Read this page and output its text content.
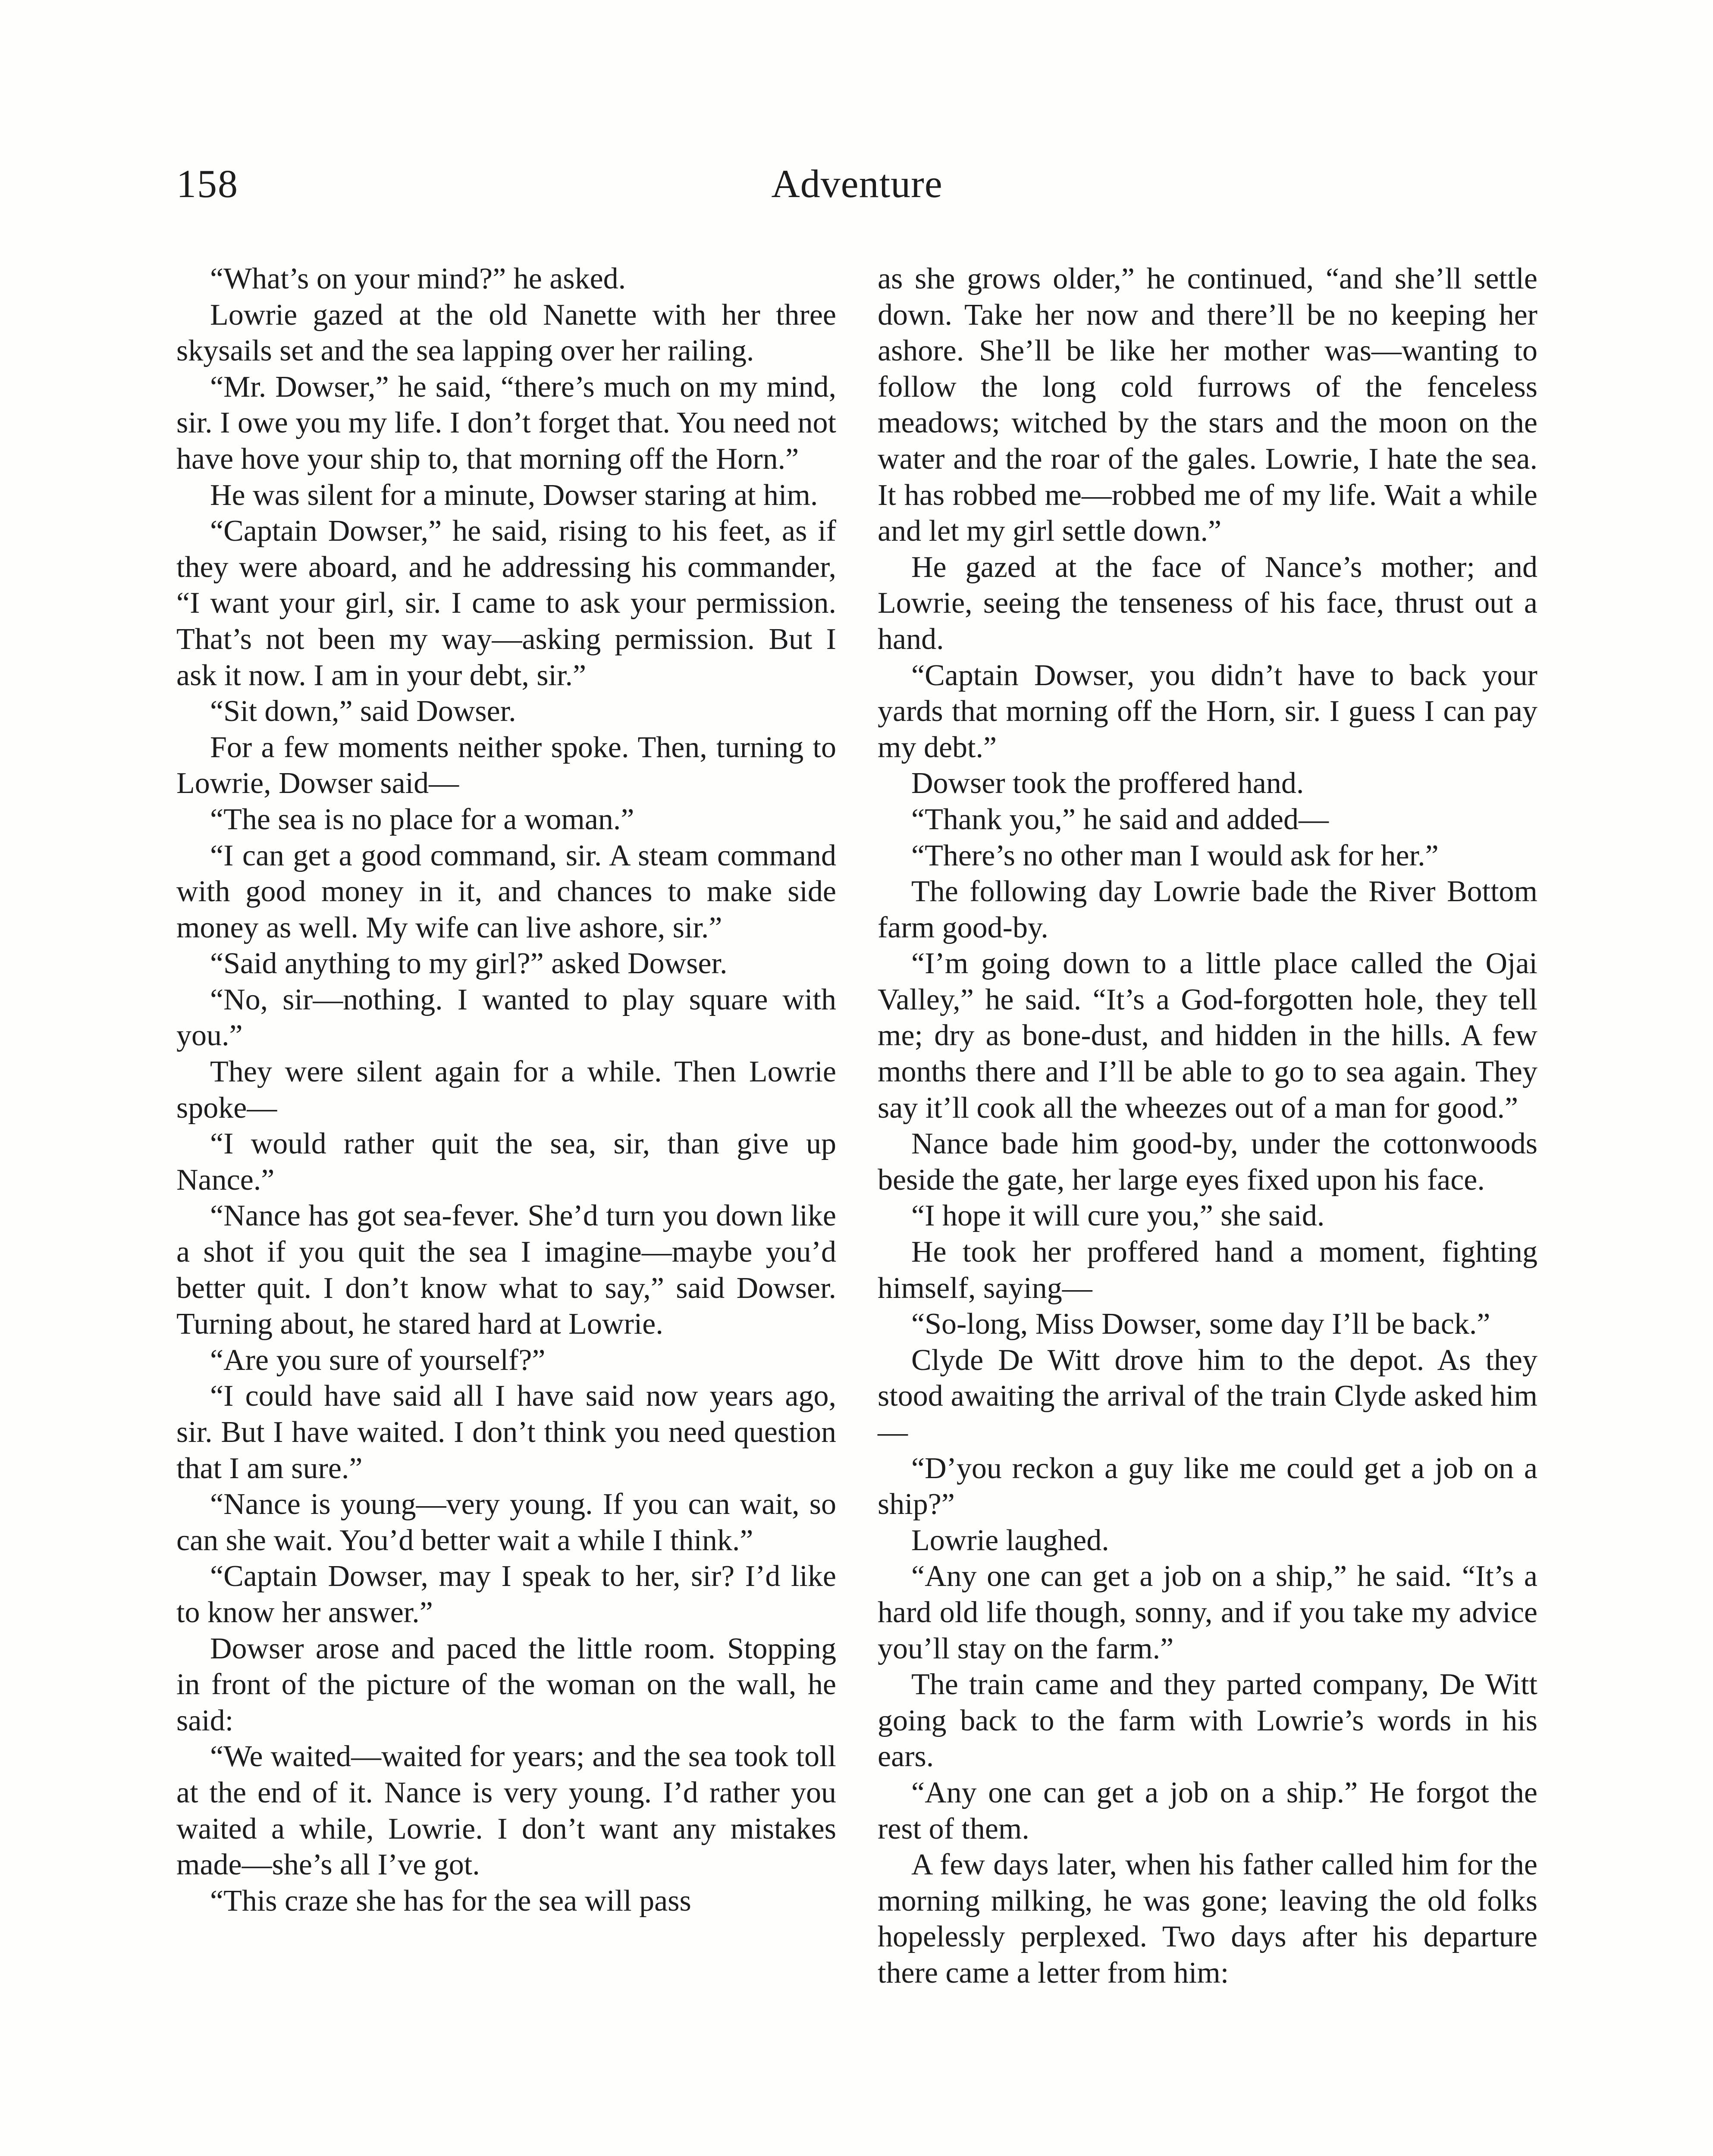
158	Adventure

“What’s on your mind?” he asked.

Lowrie gazed at the old Nanette with her three skysails set and the sea lapping over her railing.

“Mr. Dowser,” he said, “there’s much on my mind, sir. I owe you my life. I don’t forget that. You need not have hove your ship to, that morning off the Horn.”

He was silent for a minute, Dowser staring at him.

“Captain Dowser,” he said, rising to his feet, as if they were aboard, and he addressing his commander, “I want your girl, sir. I came to ask your permission. That’s not been my way—asking permission. But I ask it now. I am in your debt, sir.”

“Sit down,” said Dowser.

For a few moments neither spoke. Then, turning to Lowrie, Dowser said—

“The sea is no place for a woman.”

“I can get a good command, sir. A steam command with good money in it, and chances to make side money as well. My wife can live ashore, sir.”

“Said anything to my girl?” asked Dowser.

“No, sir—nothing. I wanted to play square with you.”

They were silent again for a while. Then Lowrie spoke—

“I would rather quit the sea, sir, than give up Nance.”

“Nance has got sea-fever. She’d turn you down like a shot if you quit the sea I imagine—maybe you’d better quit. I don’t know what to say,” said Dowser. Turning about, he stared hard at Lowrie.

“Are you sure of yourself?”

“I could have said all I have said now years ago, sir. But I have waited. I don’t think you need question that I am sure.”

“Nance is young—very young. If you can wait, so can she wait. You’d better wait a while I think.”

“Captain Dowser, may I speak to her, sir? I’d like to know her answer.”

Dowser arose and paced the little room. Stopping in front of the picture of the woman on the wall, he said:

“We waited—waited for years; and the sea took toll at the end of it. Nance is very young. I’d rather you waited a while, Lowrie. I don’t want any mistakes made—she’s all I’ve got.

“This craze she has for the sea will pass

as she grows older,” he continued, “and she’ll settle down. Take her now and there’ll be no keeping her ashore. She’ll be like her mother was—wanting to follow the long cold furrows of the fenceless meadows; witched by the stars and the moon on the water and the roar of the gales. Lowrie, I hate the sea. It has robbed me—robbed me of my life. Wait a while and let my girl settle down.”

He gazed at the face of Nance’s mother; and Lowrie, seeing the tenseness of his face, thrust out a hand.

“Captain Dowser, you didn’t have to back your yards that morning off the Horn, sir. I guess I can pay my debt.”

Dowser took the proffered hand.

“Thank you,” he said and added—

“There’s no other man I would ask for her.”

The following day Lowrie bade the River Bottom farm good-by.

“I’m going down to a little place called the Ojai Valley,” he said. “It’s a God-forgotten hole, they tell me; dry as bone-dust, and hidden in the hills. A few months there and I’ll be able to go to sea again. They say it’ll cook all the wheezes out of a man for good.”

Nance bade him good-by, under the cottonwoods beside the gate, her large eyes fixed upon his face.

“I hope it will cure you,” she said.

He took her proffered hand a moment, fighting himself, saying—

“So-long, Miss Dowser, some day I’ll be back.”

Clyde De Witt drove him to the depot. As they stood awaiting the arrival of the train Clyde asked him—

“D’you reckon a guy like me could get a job on a ship?”

Lowrie laughed.

“Any one can get a job on a ship,” he said. “It’s a hard old life though, sonny, and if you take my advice you’ll stay on the farm.”

The train came and they parted company, De Witt going back to the farm with Lowrie’s words in his ears.

“Any one can get a job on a ship.” He forgot the rest of them.

A few days later, when his father called him for the morning milking, he was gone; leaving the old folks hopelessly perplexed. Two days after his departure there came a letter from him:
